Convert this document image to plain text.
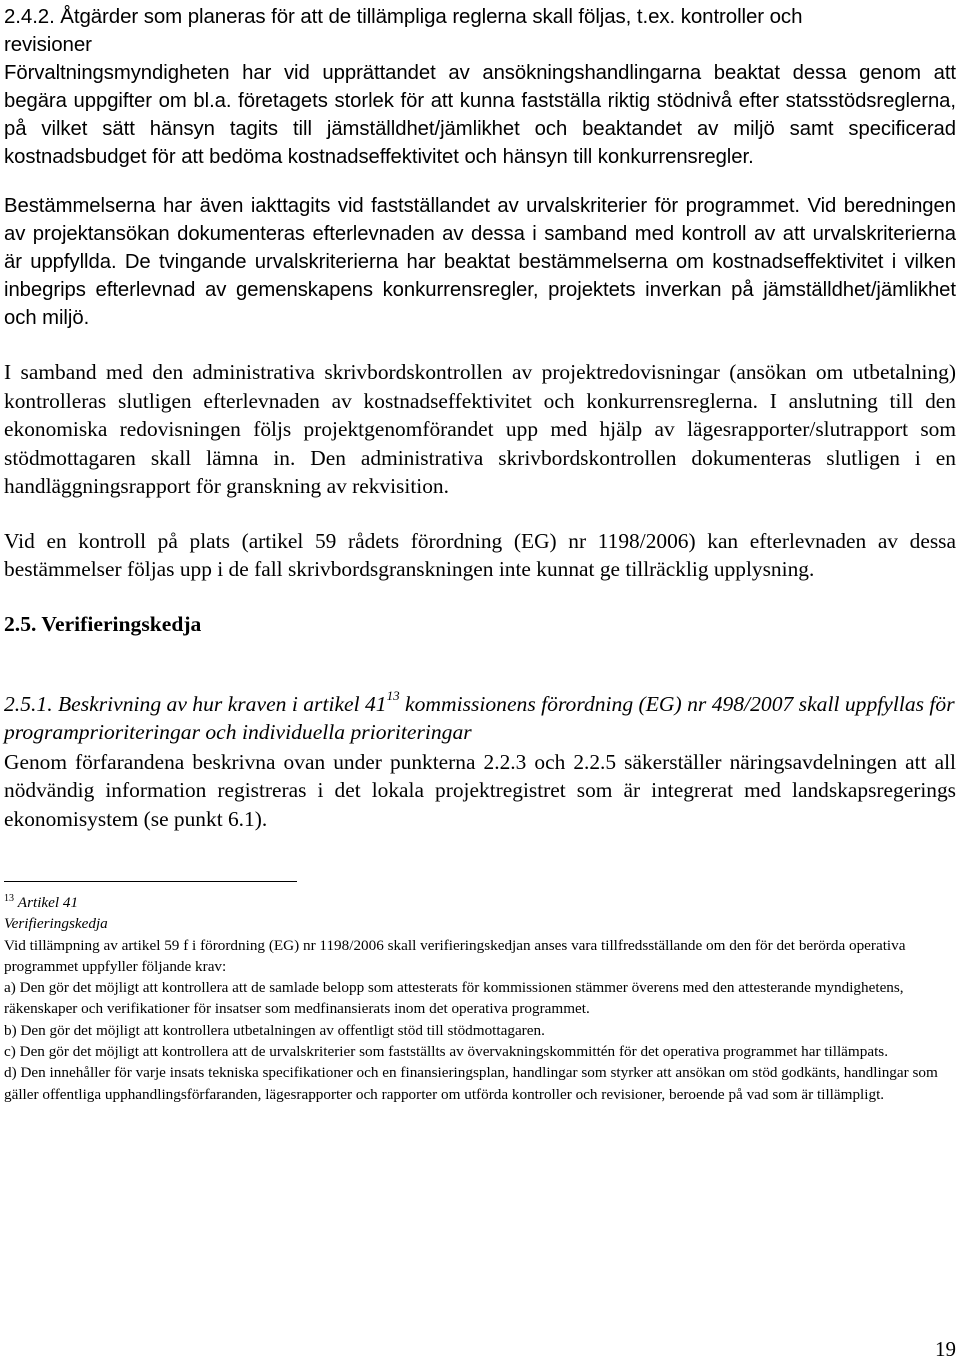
2.4.2. Åtgärder som planeras för att de tillämpliga reglerna skall följas, t.ex. kontroller och

revisioner

Förvaltningsmyndigheten har vid upprättandet av ansökningshandlingarna beaktat dessa genom att begära uppgifter om bl.a. företagets storlek för att kunna fastställa riktig stödnivå efter statsstödsreglerna, på vilket sätt hänsyn tagits till jämställdhet/jämlikhet och beaktandet av miljö samt specificerad kostnadsbudget för att bedöma kostnadseffektivitet och hänsyn till konkurrensregler.

Bestämmelserna har även iakttagits vid fastställandet av urvalskriterier för programmet. Vid beredningen av projektansökan dokumenteras efterlevnaden av dessa i samband med kontroll av att urvalskriterierna är uppfyllda. De tvingande urvalskriterierna har beaktat bestämmelserna om kostnadseffektivitet i vilken inbegrips efterlevnad av gemenskapens konkurrensregler, projektets inverkan på jämställdhet/jämlikhet och miljö.

I samband med den administrativa skrivbordskontrollen av projektredovisningar (ansökan om utbetalning) kontrolleras slutligen efterlevnaden av kostnadseffektivitet och konkurrensreglerna. I anslutning till den ekonomiska redovisningen följs projektgenomförandet upp med hjälp av lägesrapporter/slutrapport som stödmottagaren skall lämna in. Den administrativa skrivbordskontrollen dokumenteras slutligen i en handläggningsrapport för granskning av rekvisition.

Vid en kontroll på plats (artikel 59 rådets förordning (EG) nr 1198/2006) kan efterlevnaden av dessa bestämmelser följas upp i de fall skrivbordsgranskningen inte kunnat ge tillräcklig upplysning.

2.5. Verifieringskedja

2.5.1. Beskrivning av hur kraven i artikel $41^{13}$ kommissionens förordning (EG) nr 498/2007 skall uppfyllas för programprioriteringar och individuella prioriteringar

Genom förfarandena beskrivna ovan under punkterna 2.2.3 och 2.2.5 säkerställer näringsavdelningen att all nödvändig information registreras i det lokala projektregistret som är integrerat med landskapsregerings ekonomisystem (se punkt 6.1).

$^{13}$ Artikel 41

Verifieringskedja

Vid tillämpning av artikel 59 f i förordning (EG) nr 1198/2006 skall verifieringskedjan anses vara tillfredsställande om den för det berörda operativa programmet uppfyller följande krav:

a) Den gör det möjligt att kontrollera att de samlade belopp som attesterats för kommissionen stämmer överens med den attesterande myndighetens, räkenskaper och verifikationer för insatser som medfinansierats inom det operativa programmet.

b) Den gör det möjligt att kontrollera utbetalningen av offentligt stöd till stödmottagaren.

c) Den gör det möjligt att kontrollera att de urvalskriterier som fastställts av övervakningskommittén för det operativa programmet har tillämpats.

d) Den innehåller för varje insats tekniska specifikationer och en finansieringsplan, handlingar som styrker att ansökan om stöd godkänts, handlingar som gäller offentliga upphandlingsförfaranden, lägesrapporter och rapporter om utförda kontroller och revisioner, beroende på vad som är tillämpligt.

19
